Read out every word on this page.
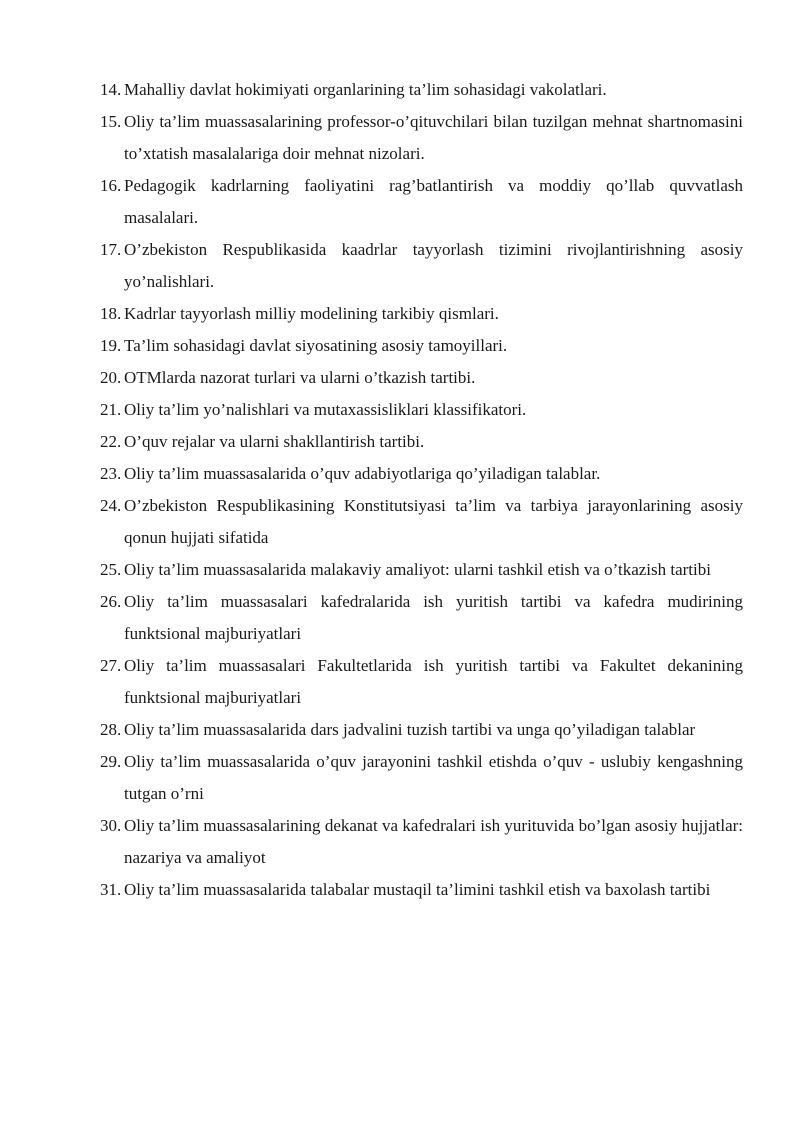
14. Mahalliy davlat hokimiyati organlarining ta’lim sohasidagi vakolatlari.
15. Oliy ta’lim muassasalarining professor-o’qituvchilari bilan tuzilgan mehnat shartnomasini to’xtatish masalalariga doir mehnat nizolari.
16. Pedagogik kadrlarning faoliyatini rag’batlantirish va moddiy qo’llab quvvatlash masalalari.
17. O’zbekiston Respublikasida kaadrlar tayyorlash tizimini rivojlantirishning asosiy yo’nalishlari.
18. Kadrlar tayyorlash milliy modelining tarkibiy qismlari.
19. Ta’lim sohasidagi davlat siyosatining asosiy tamoyillari.
20. OTMlarda nazorat turlari va ularni o’tkazish tartibi.
21. Oliy ta’lim yo’nalishlari va mutaxassisliklari klassifikatori.
22. O’quv rejalar va ularni shakllantirish tartibi.
23. Oliy ta’lim muassasalarida o’quv adabiyotlariga qo’yiladigan talablar.
24. O’zbekiston Respublikasining Konstitutsiyasi ta’lim va tarbiya jarayonlarining asosiy qonun hujjati sifatida
25. Oliy ta’lim muassasalarida malakaviy amaliyot: ularni tashkil etish va o’tkazish tartibi
26. Oliy ta’lim muassasalari kafedralarida ish yuritish tartibi va kafedra mudirining funktsional majburiyatlari
27. Oliy ta’lim muassasalari Fakultetlarida ish yuritish tartibi va Fakultet dekanining funktsional majburiyatlari
28. Oliy ta’lim muassasalarida dars jadvalini tuzish tartibi va unga qo’yiladigan talablar
29. Oliy ta’lim muassasalarida o’quv jarayonini tashkil etishda o’quv - uslubiy kengashning tutgan o’rni
30. Oliy ta’lim muassasalarining dekanat va kafedralari ish yurituvida bo’lgan asosiy hujjatlar: nazariya va amaliyot
31. Oliy ta’lim muassasalarida talabalar mustaqil ta’limini tashkil etish va baxolash tartibi
